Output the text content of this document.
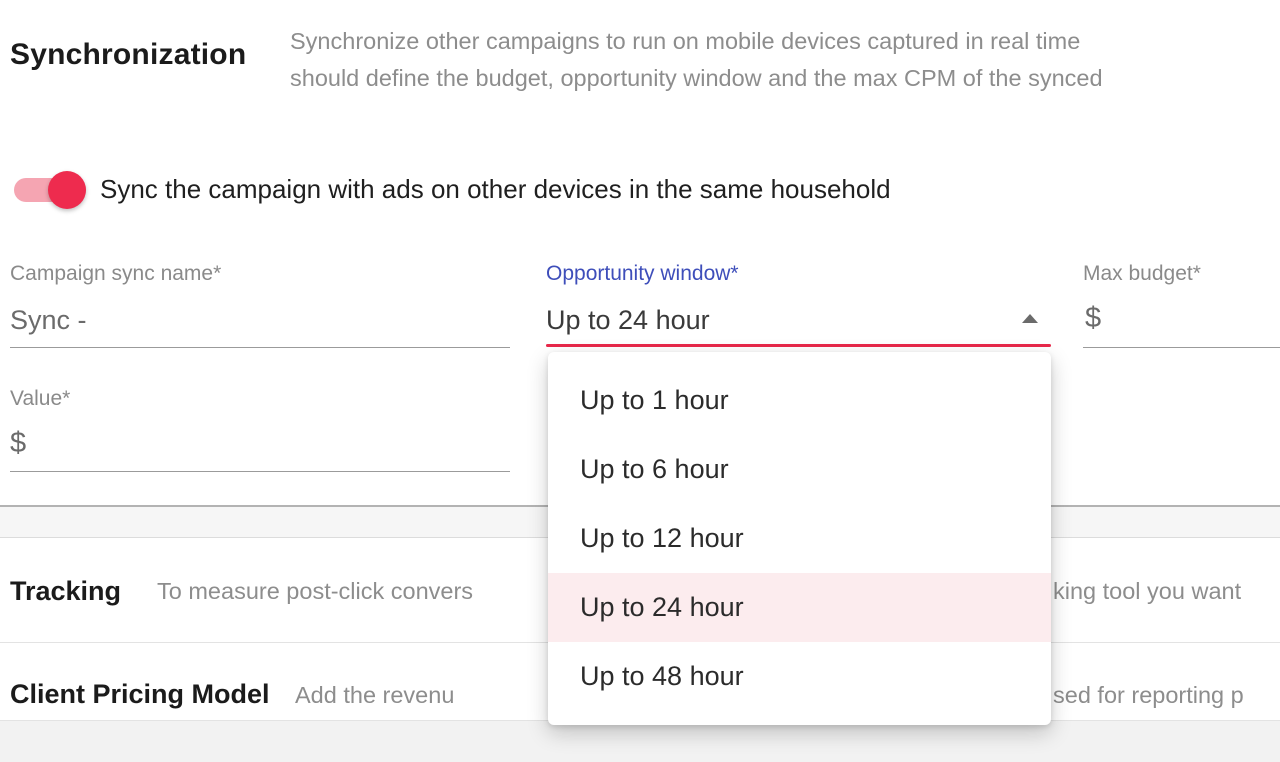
Synchronization Synchronize other campaigns to run on mobile devices captured in real time
should define the budget, opportunity window and the max CPM of the synced
Sync the campaign with ads on other devices in the same household
Campaign sync name*
Sync -
Opportunity window*
Up to 24 hour
Max budget*
$
Value*
$
Tracking To measure post-click convers	king tool you want
Client Pricing Model Add the revenu	sed for reporting p
Up to 1 hour
Up to 6 hour
Up to 12 hour
Up to 24 hour
Up to 48 hour
